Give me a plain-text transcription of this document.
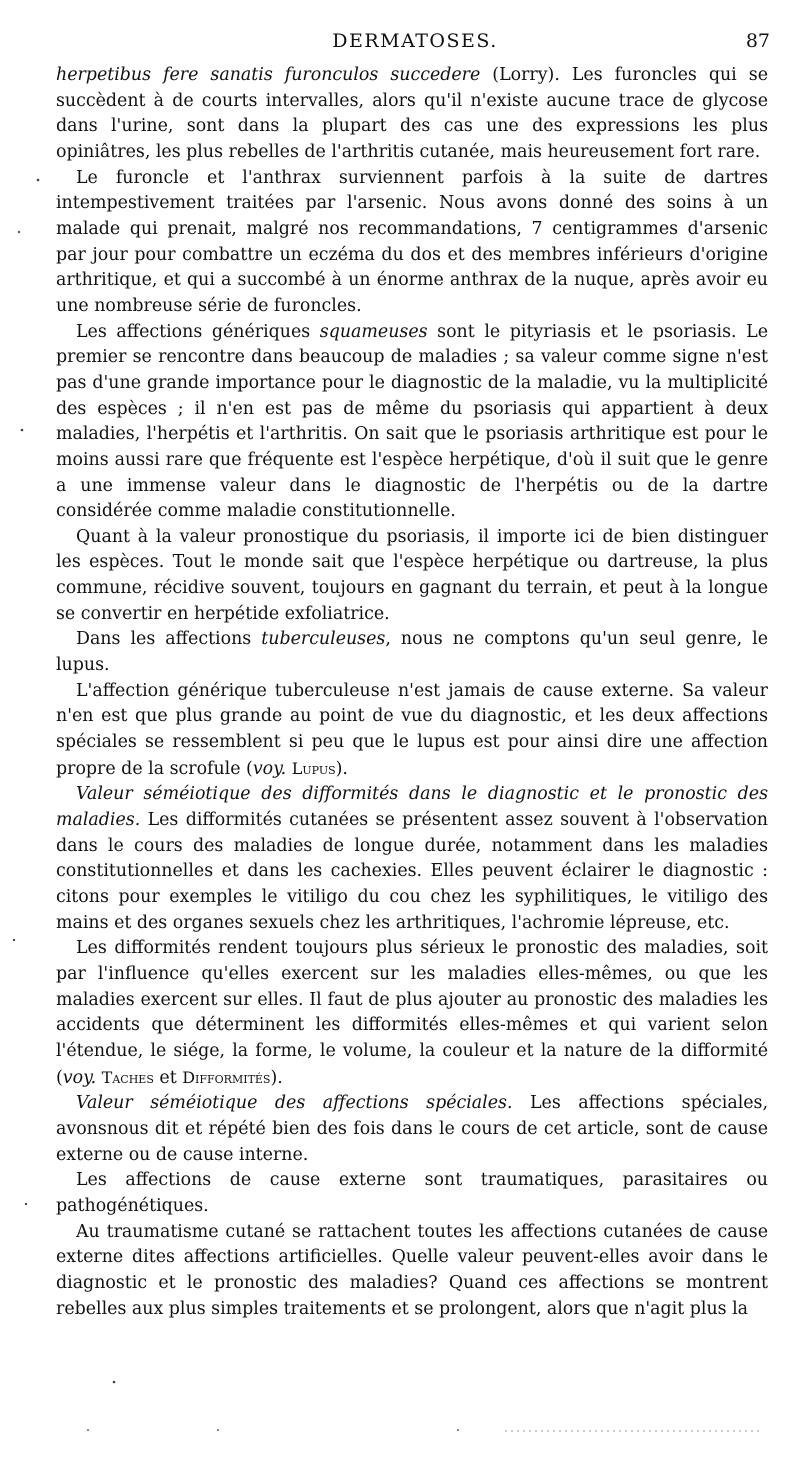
DERMATOSES.	87

herpetibus fere sanatis furonculos succedere (Lorry). Les furoncles qui se succèdent à de courts intervalles, alors qu'il n'existe aucune trace de glycose dans l'urine, sont dans la plupart des cas une des expressions les plus opiniâtres, les plus rebelles de l'arthritis cutanée, mais heureusement fort rare.

Le furoncle et l'anthrax surviennent parfois à la suite de dartres intempestivement traitées par l'arsenic. Nous avons donné des soins à un malade qui prenait, malgré nos recommandations, 7 centigrammes d'arsenic par jour pour combattre un eczéma du dos et des membres inférieurs d'origine arthritique, et qui a succombé à un énorme anthrax de la nuque, après avoir eu une nombreuse série de furoncles.

Les affections génériques squameuses sont le pityriasis et le psoriasis. Le premier se rencontre dans beaucoup de maladies ; sa valeur comme signe n'est pas d'une grande importance pour le diagnostic de la maladie, vu la multiplicité des espèces ; il n'en est pas de même du psoriasis qui appartient à deux maladies, l'herpétis et l'arthritis. On sait que le psoriasis arthritique est pour le moins aussi rare que fréquente est l'espèce herpétique, d'où il suit que le genre a une immense valeur dans le diagnostic de l'herpétis ou de la dartre considérée comme maladie constitutionnelle.

Quant à la valeur pronostique du psoriasis, il importe ici de bien distinguer les espèces. Tout le monde sait que l'espèce herpétique ou dartreuse, la plus commune, récidive souvent, toujours en gagnant du terrain, et peut à la longue se convertir en herpétide exfoliatrice.

Dans les affections tuberculeuses, nous ne comptons qu'un seul genre, le lupus.

L'affection générique tuberculeuse n'est jamais de cause externe. Sa valeur n'en est que plus grande au point de vue du diagnostic, et les deux affections spéciales se ressemblent si peu que le lupus est pour ainsi dire une affection propre de la scrofule (voy. Lupus).

Valeur séméiotique des difformités dans le diagnostic et le pronostic des maladies. Les difformités cutanées se présentent assez souvent à l'observation dans le cours des maladies de longue durée, notamment dans les maladies constitutionnelles et dans les cachexies. Elles peuvent éclairer le diagnostic : citons pour exemples le vitiligo du cou chez les syphilitiques, le vitiligo des mains et des organes sexuels chez les arthritiques, l'achromie lépreuse, etc.

Les difformités rendent toujours plus sérieux le pronostic des maladies, soit par l'influence qu'elles exercent sur les maladies elles-mêmes, ou que les maladies exercent sur elles. Il faut de plus ajouter au pronostic des maladies les accidents que déterminent les difformités elles-mêmes et qui varient selon l'étendue, le siége, la forme, le volume, la couleur et la nature de la difformité (voy. Taches et Difformités).

Valeur séméiotique des affections spéciales. Les affections spéciales, avonsnous dit et répété bien des fois dans le cours de cet article, sont de cause externe ou de cause interne.

Les affections de cause externe sont traumatiques, parasitaires ou pathogénétiques.

Au traumatisme cutané se rattachent toutes les affections cutanées de cause externe dites affections artificielles. Quelle valeur peuvent-elles avoir dans le diagnostic et le pronostic des maladies? Quand ces affections se montrent rebelles aux plus simples traitements et se prolongent, alors que n'agit plus la
